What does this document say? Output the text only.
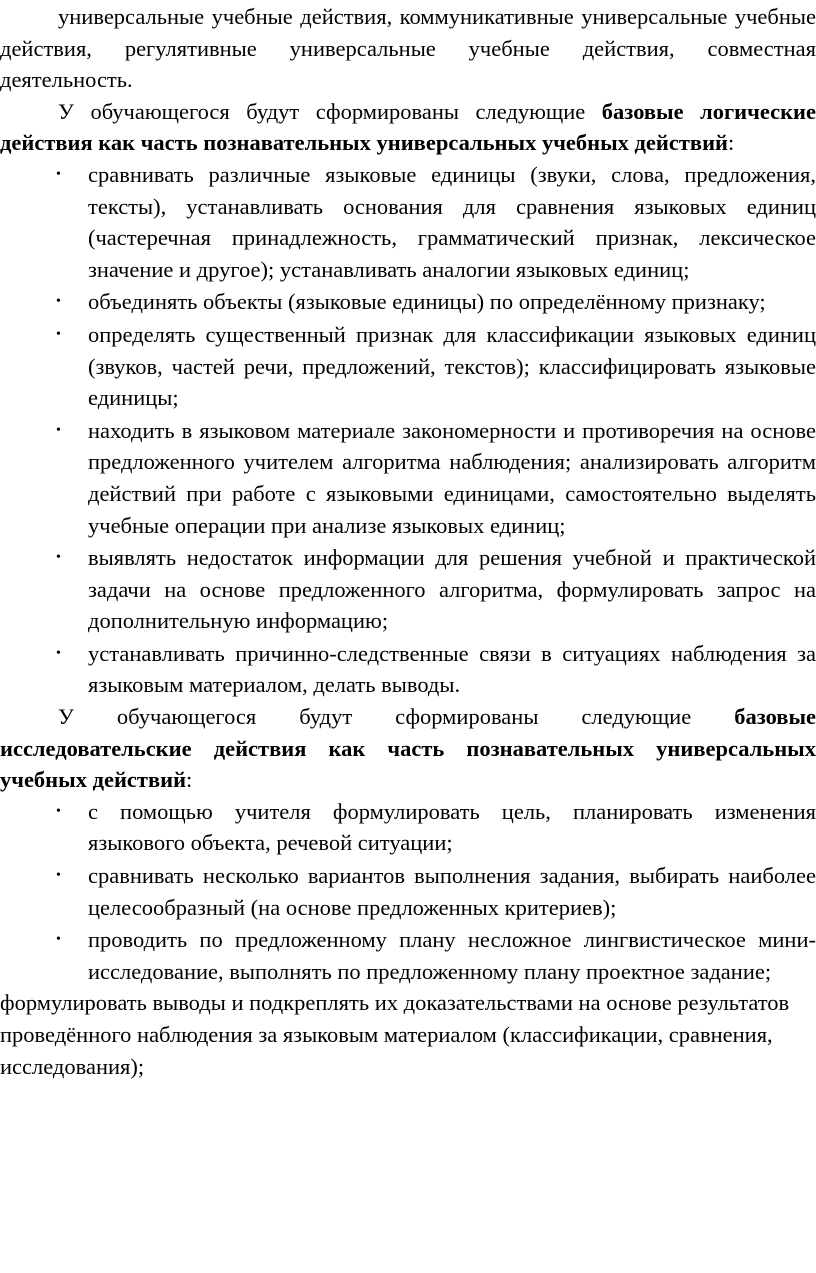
универсальные учебные действия, коммуникативные универсальные учебные действия, регулятивные универсальные учебные действия, совместная деятельность.

У обучающегося будут сформированы следующие базовые логические действия как часть познавательных универсальных учебных действий:

• сравнивать различные языковые единицы (звуки, слова, предложения, тексты), устанавливать основания для сравнения языковых единиц (частеречная принадлежность, грамматический признак, лексическое значение и другое); устанавливать аналогии языковых единиц;
• объединять объекты (языковые единицы) по определённому признаку;
• определять существенный признак для классификации языковых единиц (звуков, частей речи, предложений, текстов); классифицировать языковые единицы;
• находить в языковом материале закономерности и противоречия на основе предложенного учителем алгоритма наблюдения; анализировать алгоритм действий при работе с языковыми единицами, самостоятельно выделять учебные операции при анализе языковых единиц;
• выявлять недостаток информации для решения учебной и практической задачи на основе предложенного алгоритма, формулировать запрос на дополнительную информацию;
• устанавливать причинно-следственные связи в ситуациях наблюдения за языковым материалом, делать выводы.

У обучающегося будут сформированы следующие базовые исследовательские действия как часть познавательных универсальных учебных действий:

• с помощью учителя формулировать цель, планировать изменения языкового объекта, речевой ситуации;
• сравнивать несколько вариантов выполнения задания, выбирать наиболее целесообразный (на основе предложенных критериев);
• проводить по предложенному плану несложное лингвистическое мини-исследование, выполнять по предложенному плану проектное задание;

формулировать выводы и подкреплять их доказательствами на основе результатов проведённого наблюдения за языковым материалом (классификации, сравнения, исследования);
